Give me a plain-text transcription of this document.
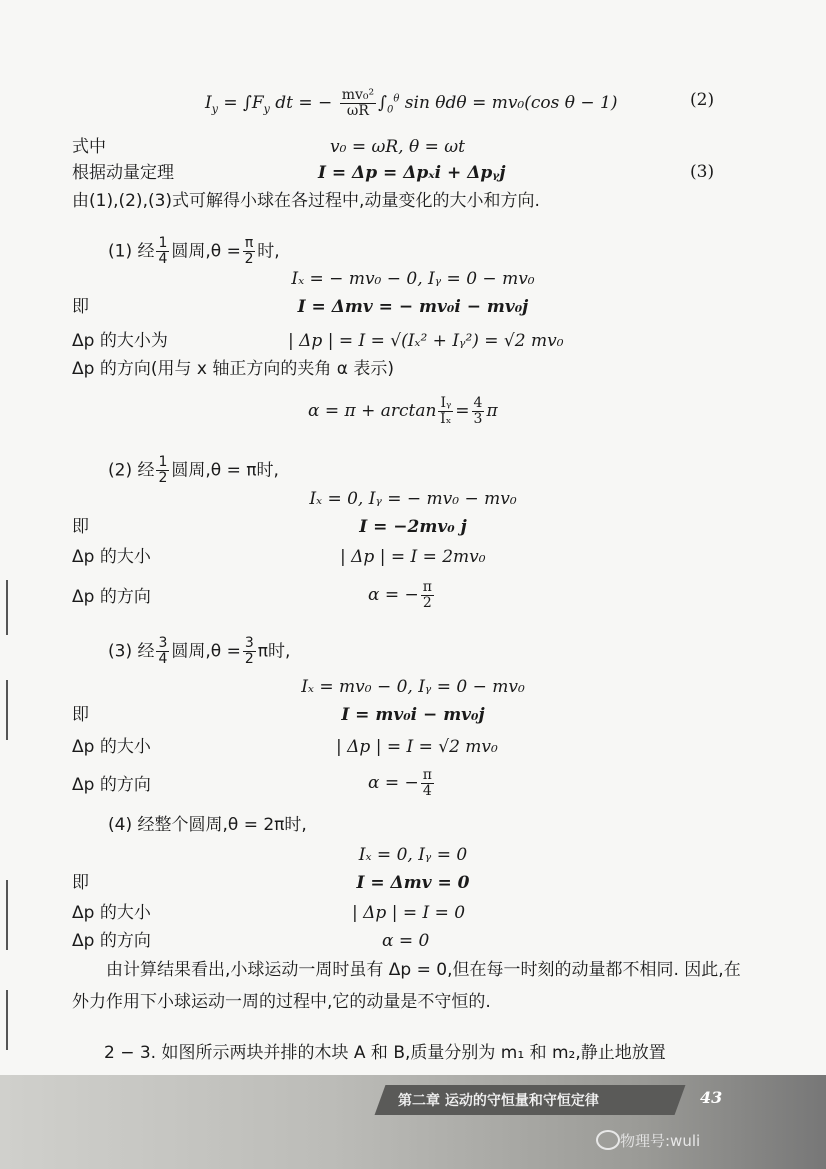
$I_y = \int F_y$ dt = − $\frac{\text{mv₀²}}{\omega R} \int_0^\theta$ sin θdθ = mv₀(cos θ − 1)	(2)
式中	v₀ = ωR, θ = ωt
根据动量定理	I = Δp = Δpₓi + Δpᵧj	(3)
由(1),(2),(3)式可解得小球在各过程中,动量变化的大小和方向.
(1) 经 $\frac{1}{4}$ 圆周$,\theta = \frac{\pi}{2}$ 时,
Iₓ = − mv₀ − 0, Iᵧ = 0 − mv₀
即	I = Δmv = − mv₀i − mv₀j
Δp 的大小为	| Δp | = I = √(Iₓ² + Iᵧ²) = √2 mv₀
Δp 的方向(用与 x 轴正方向的夹角 α 表示)
$\alpha = \pi + \arctan \frac{\text{Iᵧ}}{\text{Iₓ}} = \frac{4}{3}$ π
(2) 经 $\frac{1}{2}$ 圆周,θ = π时,
Iₓ = 0, Iᵧ = − mv₀ − mv₀
即	I = −2mv₀ j
Δp 的大小	| Δp | = I = 2mv₀
Δp 的方向	α = − $\frac{\pi}{2}$
(3) 经 $\frac{3}{4}$ 圆周$,\theta = \frac{3}{2}$ π时,
Iₓ = mv₀ − 0, Iᵧ = 0 − mv₀
即	I = mv₀i − mv₀j
Δp 的大小	| Δp | = I = √2 mv₀
Δp 的方向	α = − $\frac{\pi}{4}$
(4) 经整个圆周,θ = 2π时,
Iₓ = 0, Iᵧ = 0
即	I = Δmv = 0
Δp 的大小	| Δp | = I = 0
Δp 的方向	α = 0
由计算结果看出,小球运动一周时虽有 Δp = 0,但在每一时刻的动量都不相同. 因此,在外力作用下小球运动一周的过程中,它的动量是不守恒的.
2 − 3. 如图所示两块并排的木块 A 和 B,质量分别为 m₁ 和 m₂,静止地放置
第二章 运动的守恒量和守恒定律	43
物理号:wuli
